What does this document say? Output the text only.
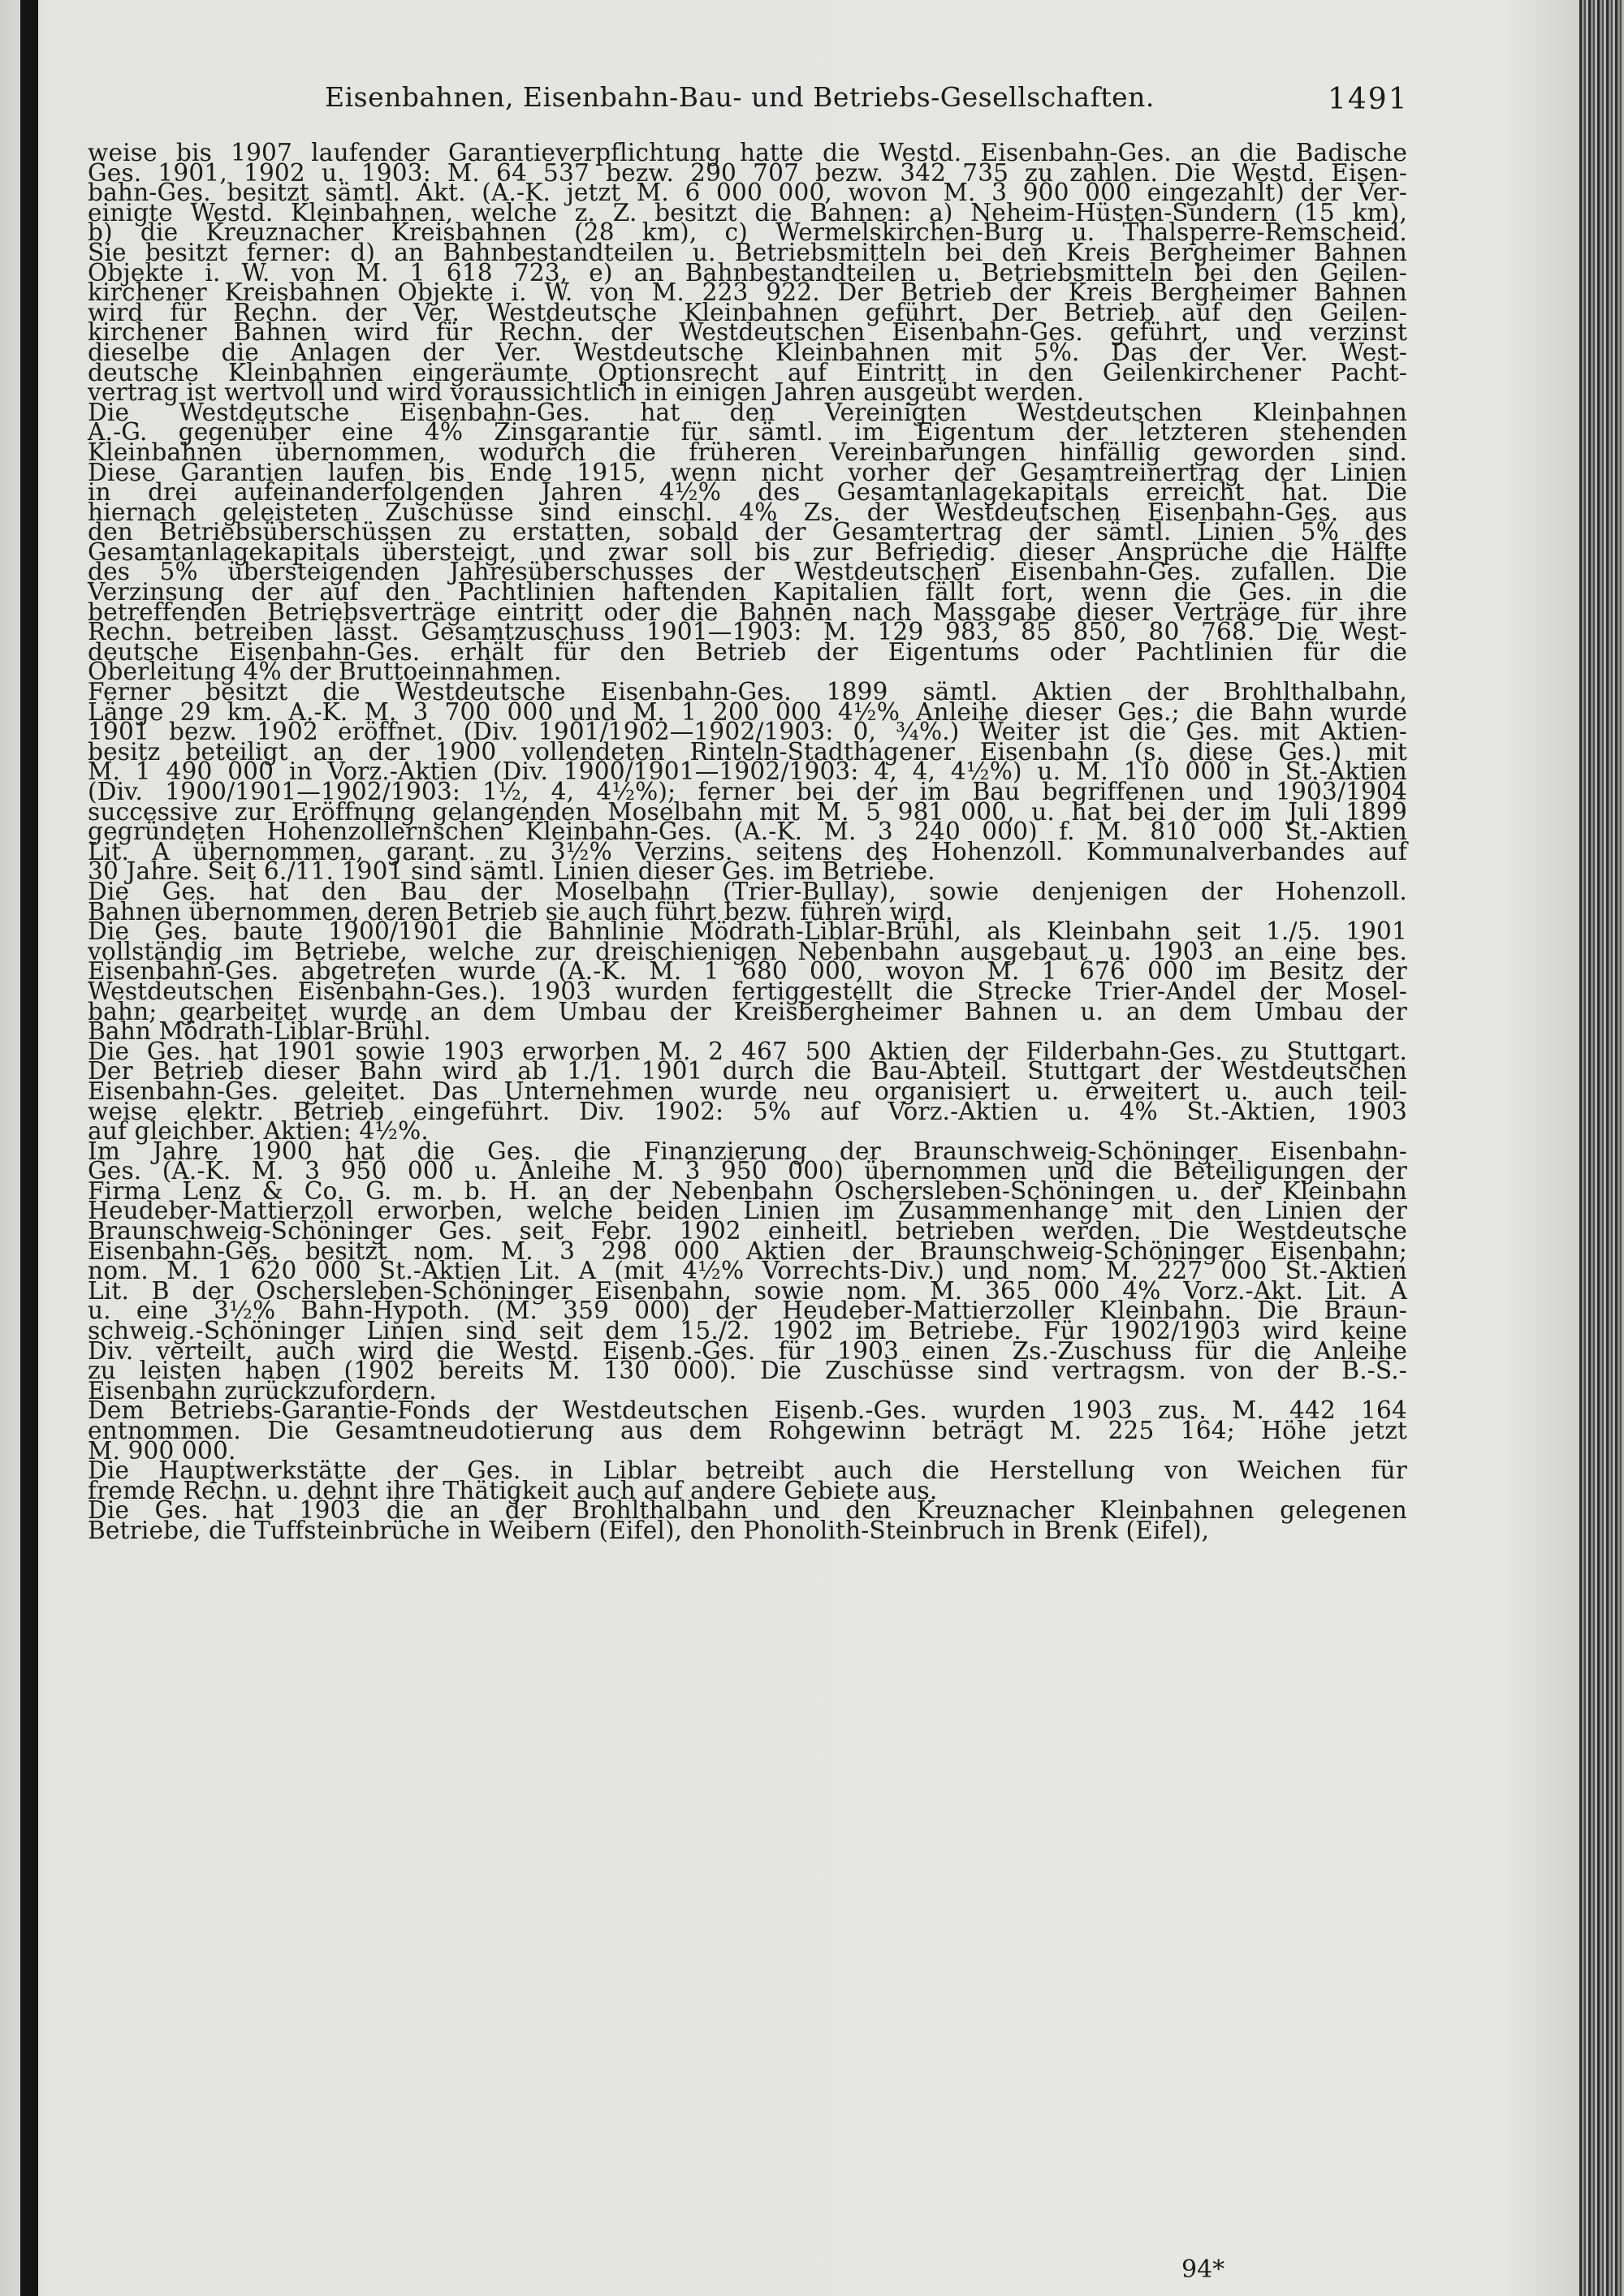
Eisenbahnen, Eisenbahn-Bau- und Betriebs-Gesellschaften.	1491
weise bis 1907 laufender Garantieverpflichtung hatte die Westd. Eisenbahn-Ges. an die Badische
Ges. 1901, 1902 u. 1903: M. 64 537 bezw. 290 707 bezw. 342 735 zu zahlen. Die Westd. Eisen-
bahn-Ges. besitzt sämtl. Akt. (A.-K. jetzt M. 6 000 000, wovon M. 3 900 000 eingezahlt) der Ver-
einigte Westd. Kleinbahnen, welche z. Z. besitzt die Bahnen: a) Neheim-Hüsten-Sundern (15 km),
b) die Kreuznacher Kreisbahnen (28 km), c) Wermelskirchen-Burg u. Thalsperre-Remscheid.
Sie besitzt ferner: d) an Bahnbestandteilen u. Betriebsmitteln bei den Kreis Bergheimer Bahnen
Objekte i. W. von M. 1 618 723, e) an Bahnbestandteilen u. Betriebsmitteln bei den Geilen-
kirchener Kreisbahnen Objekte i. W. von M. 223 922. Der Betrieb der Kreis Bergheimer Bahnen
wird für Rechn. der Ver. Westdeutsche Kleinbahnen geführt. Der Betrieb auf den Geilen-
kirchener Bahnen wird für Rechn. der Westdeutschen Eisenbahn-Ges. geführt, und verzinst
dieselbe die Anlagen der Ver. Westdeutsche Kleinbahnen mit 5%. Das der Ver. West-
deutsche Kleinbahnen eingeräumte Optionsrecht auf Eintritt in den Geilenkirchener Pacht-
vertrag ist wertvoll und wird voraussichtlich in einigen Jahren ausgeübt werden.
Die Westdeutsche Eisenbahn-Ges. hat den Vereinigten Westdeutschen Kleinbahnen
A.-G. gegenüber eine 4% Zinsgarantie für sämtl. im Eigentum der letzteren stehenden
Kleinbahnen übernommen, wodurch die früheren Vereinbarungen hinfällig geworden sind.
Diese Garantien laufen bis Ende 1915, wenn nicht vorher der Gesamtreinertrag der Linien
in drei aufeinanderfolgenden Jahren 4½% des Gesamtanlagekapitals erreicht hat. Die
hiernach geleisteten Zuschüsse sind einschl. 4% Zs. der Westdeutschen Eisenbahn-Ges. aus
den Betriebsüberschüssen zu erstatten, sobald der Gesamtertrag der sämtl. Linien 5% des
Gesamtanlagekapitals übersteigt, und zwar soll bis zur Befriedig. dieser Ansprüche die Hälfte
des 5% übersteigenden Jahresüberschusses der Westdeutschen Eisenbahn-Ges. zufallen. Die
Verzinsung der auf den Pachtlinien haftenden Kapitalien fällt fort, wenn die Ges. in die
betreffenden Betriebsverträge eintritt oder die Bahnen nach Massgabe dieser Verträge für ihre
Rechn. betreiben lässt. Gesamtzuschuss 1901—1903: M. 129 983, 85 850, 80 768. Die West-
deutsche Eisenbahn-Ges. erhält für den Betrieb der Eigentums oder Pachtlinien für die
Oberleitung 4% der Bruttoeinnahmen.
Ferner besitzt die Westdeutsche Eisenbahn-Ges. 1899 sämtl. Aktien der Brohlthalbahn,
Länge 29 km. A.-K. M. 3 700 000 und M. 1 200 000 4½% Anleihe dieser Ges.; die Bahn wurde
1901 bezw. 1902 eröffnet. (Div. 1901/1902—1902/1903: 0, ¾%.) Weiter ist die Ges. mit Aktien-
besitz beteiligt an der 1900 vollendeten Rinteln-Stadthagener Eisenbahn (s. diese Ges.) mit
M. 1 490 000 in Vorz.-Aktien (Div. 1900/1901—1902/1903: 4, 4, 4½%) u. M. 110 000 in St.-Aktien
(Div. 1900/1901—1902/1903: 1½, 4, 4½%); ferner bei der im Bau begriffenen und 1903/1904
successive zur Eröffnung gelangenden Moselbahn mit M. 5 981 000, u. hat bei der im Juli 1899
gegründeten Hohenzollernschen Kleinbahn-Ges. (A.-K. M. 3 240 000) f. M. 810 000 St.-Aktien
Lit. A übernommen, garant. zu 3½% Verzins. seitens des Hohenzoll. Kommunalverbandes auf
30 Jahre. Seit 6./11. 1901 sind sämtl. Linien dieser Ges. im Betriebe.
Die Ges. hat den Bau der Moselbahn (Trier-Bullay), sowie denjenigen der Hohenzoll.
Bahnen übernommen, deren Betrieb sie auch führt bezw. führen wird.
Die Ges. baute 1900/1901 die Bahnlinie Mödrath-Liblar-Brühl, als Kleinbahn seit 1./5. 1901
vollständig im Betriebe, welche zur dreischienigen Nebenbahn ausgebaut u. 1903 an eine bes.
Eisenbahn-Ges. abgetreten wurde (A.-K. M. 1 680 000, wovon M. 1 676 000 im Besitz der
Westdeutschen Eisenbahn-Ges.). 1903 wurden fertiggestellt die Strecke Trier-Andel der Mosel-
bahn; gearbeitet wurde an dem Umbau der Kreisbergheimer Bahnen u. an dem Umbau der
Bahn Mödrath-Liblar-Brühl.
Die Ges. hat 1901 sowie 1903 erworben M. 2 467 500 Aktien der Filderbahn-Ges. zu Stuttgart.
Der Betrieb dieser Bahn wird ab 1./1. 1901 durch die Bau-Abteil. Stuttgart der Westdeutschen
Eisenbahn-Ges. geleitet. Das Unternehmen wurde neu organisiert u. erweitert u. auch teil-
weise elektr. Betrieb eingeführt. Div. 1902: 5% auf Vorz.-Aktien u. 4% St.-Aktien, 1903
auf gleichber. Aktien: 4½%.
Im Jahre 1900 hat die Ges. die Finanzierung der Braunschweig-Schöninger Eisenbahn-
Ges. (A.-K. M. 3 950 000 u. Anleihe M. 3 950 000) übernommen und die Beteiligungen der
Firma Lenz & Co. G. m. b. H. an der Nebenbahn Oschersleben-Schöningen u. der Kleinbahn
Heudeber-Mattierzoll erworben, welche beiden Linien im Zusammenhange mit den Linien der
Braunschweig-Schöninger Ges. seit Febr. 1902 einheitl. betrieben werden. Die Westdeutsche
Eisenbahn-Ges. besitzt nom. M. 3 298 000 Aktien der Braunschweig-Schöninger Eisenbahn;
nom. M. 1 620 000 St.-Aktien Lit. A (mit 4½% Vorrechts-Div.) und nom. M. 227 000 St.-Aktien
Lit. B der Oschersleben-Schöninger Eisenbahn, sowie nom. M. 365 000 4% Vorz.-Akt. Lit. A
u. eine 3½% Bahn-Hypoth. (M. 359 000) der Heudeber-Mattierzoller Kleinbahn. Die Braun-
schweig.-Schöninger Linien sind seit dem 15./2. 1902 im Betriebe. Für 1902/1903 wird keine
Div. verteilt, auch wird die Westd. Eisenb.-Ges. für 1903 einen Zs.-Zuschuss für die Anleihe
zu leisten haben (1902 bereits M. 130 000). Die Zuschüsse sind vertragsm. von der B.-S.-
Eisenbahn zurückzufordern.
Dem Betriebs-Garantie-Fonds der Westdeutschen Eisenb.-Ges. wurden 1903 zus. M. 442 164
entnommen. Die Gesamtneudotierung aus dem Rohgewinn beträgt M. 225 164; Höhe jetzt
M. 900 000.
Die Hauptwerkstätte der Ges. in Liblar betreibt auch die Herstellung von Weichen für
fremde Rechn. u. dehnt ihre Thätigkeit auch auf andere Gebiete aus.
Die Ges. hat 1903 die an der Brohlthalbahn und den Kreuznacher Kleinbahnen gelegenen
Betriebe, die Tuffsteinbrüche in Weibern (Eifel), den Phonolith-Steinbruch in Brenk (Eifel),
94*
